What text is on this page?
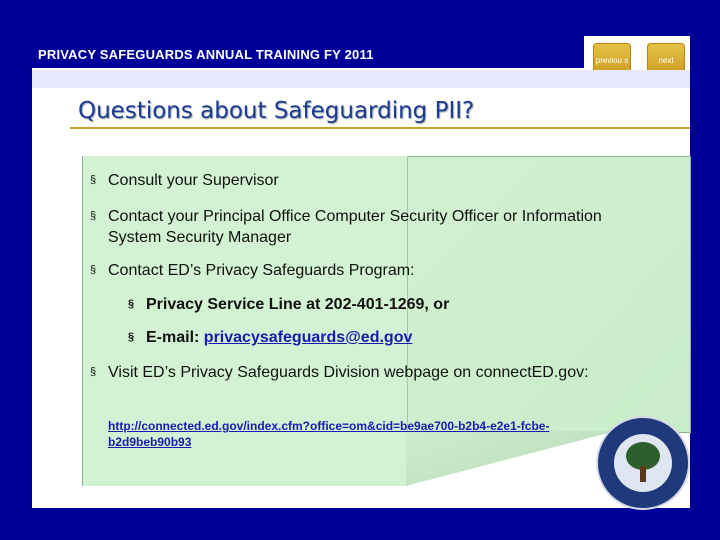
PRIVACY SAFEGUARDS ANNUAL TRAINING FY 2011	previou s	next
Questions about Safeguarding PII?

§ Consult your Supervisor

§ Contact your Principal Office Computer Security Officer or Information System Security Manager

§ Contact ED’s Privacy Safeguards Program:

§ Privacy Service Line at 202-401-1269, or

§ E-mail: privacysafeguards@ed.gov

§ Visit ED’s Privacy Safeguards Division webpage on connectED.gov:

http://connected.ed.gov/index.cfm?office=om&cid=be9ae700-b2b4-e2e1-fcbe-b2d9beb90b93
